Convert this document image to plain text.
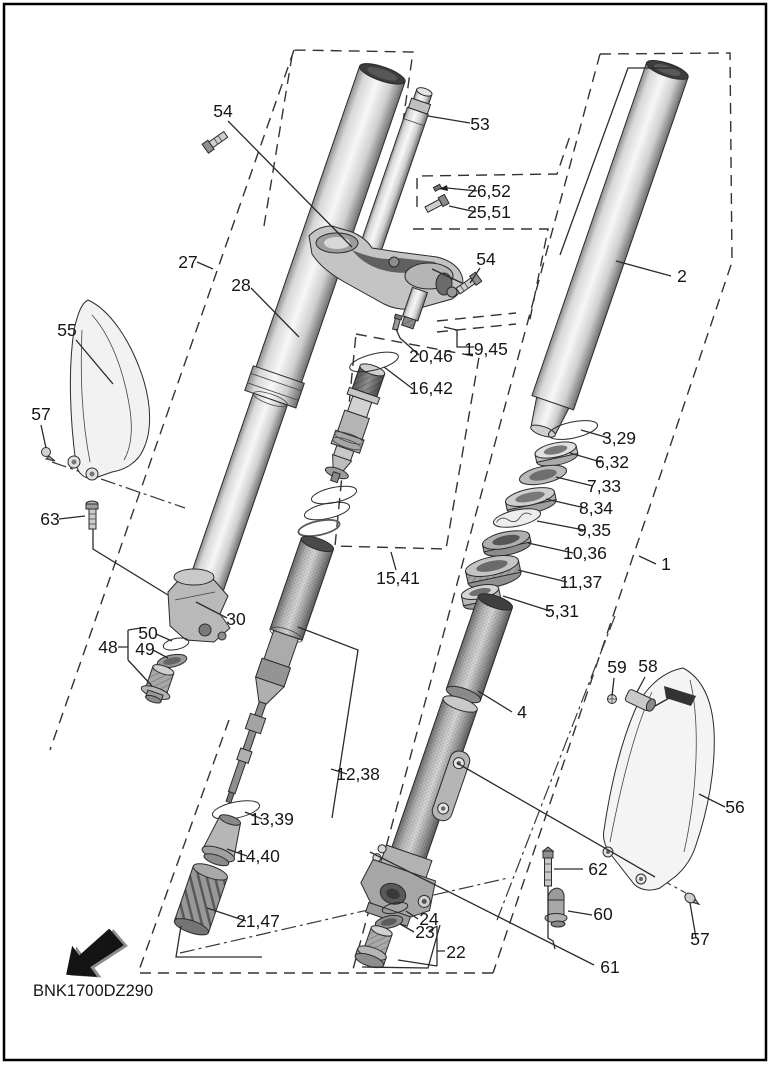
54
53
26,52
25,51
27
28
54
2
55
57
20,46 19,45
16,42
3,29
6,32
7,33
8,34
9,35
10,36
11,37
5,31
1
63
50
49
48
30
15,41
12,38
4
59 58
56
13,39
14,40
21,47
62
60
24
23
22
61
57
FWD
BNK1700DZ290
